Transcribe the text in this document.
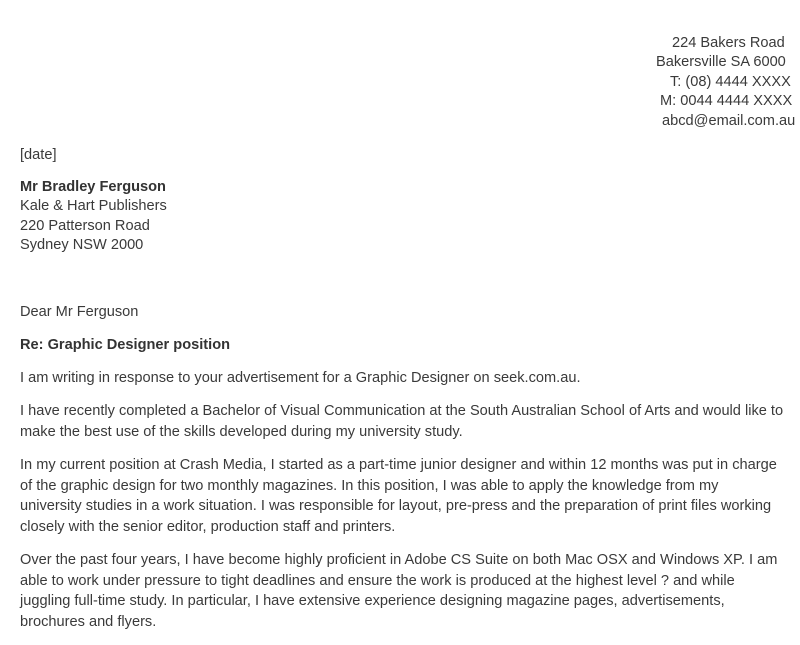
224 Bakers Road
Bakersville SA 6000
T: (08) 4444 XXXX
M: 0044 4444 XXXX
abcd@email.com.au
[date]
Mr Bradley Ferguson
Kale & Hart Publishers
220 Patterson Road
Sydney NSW 2000
Dear Mr Ferguson
Re: Graphic Designer position

I am writing in response to your advertisement for a Graphic Designer on seek.com.au.

I have recently completed a Bachelor of Visual Communication at the South Australian School of Arts and would like to make the best use of the skills developed during my university study.

In my current position at Crash Media, I started as a part-time junior designer and within 12 months was put in charge of the graphic design for two monthly magazines. In this position, I was able to apply the knowledge from my university studies in a work situation. I was responsible for layout, pre-press and the preparation of print files working closely with the senior editor, production staff and printers.

Over the past four years, I have become highly proficient in Adobe CS Suite on both Mac OSX and Windows XP. I am able to work under pressure to tight deadlines and ensure the work is produced at the highest level ? and while juggling full-time study. In particular, I have extensive experience designing magazine pages, advertisements, brochures and flyers.
